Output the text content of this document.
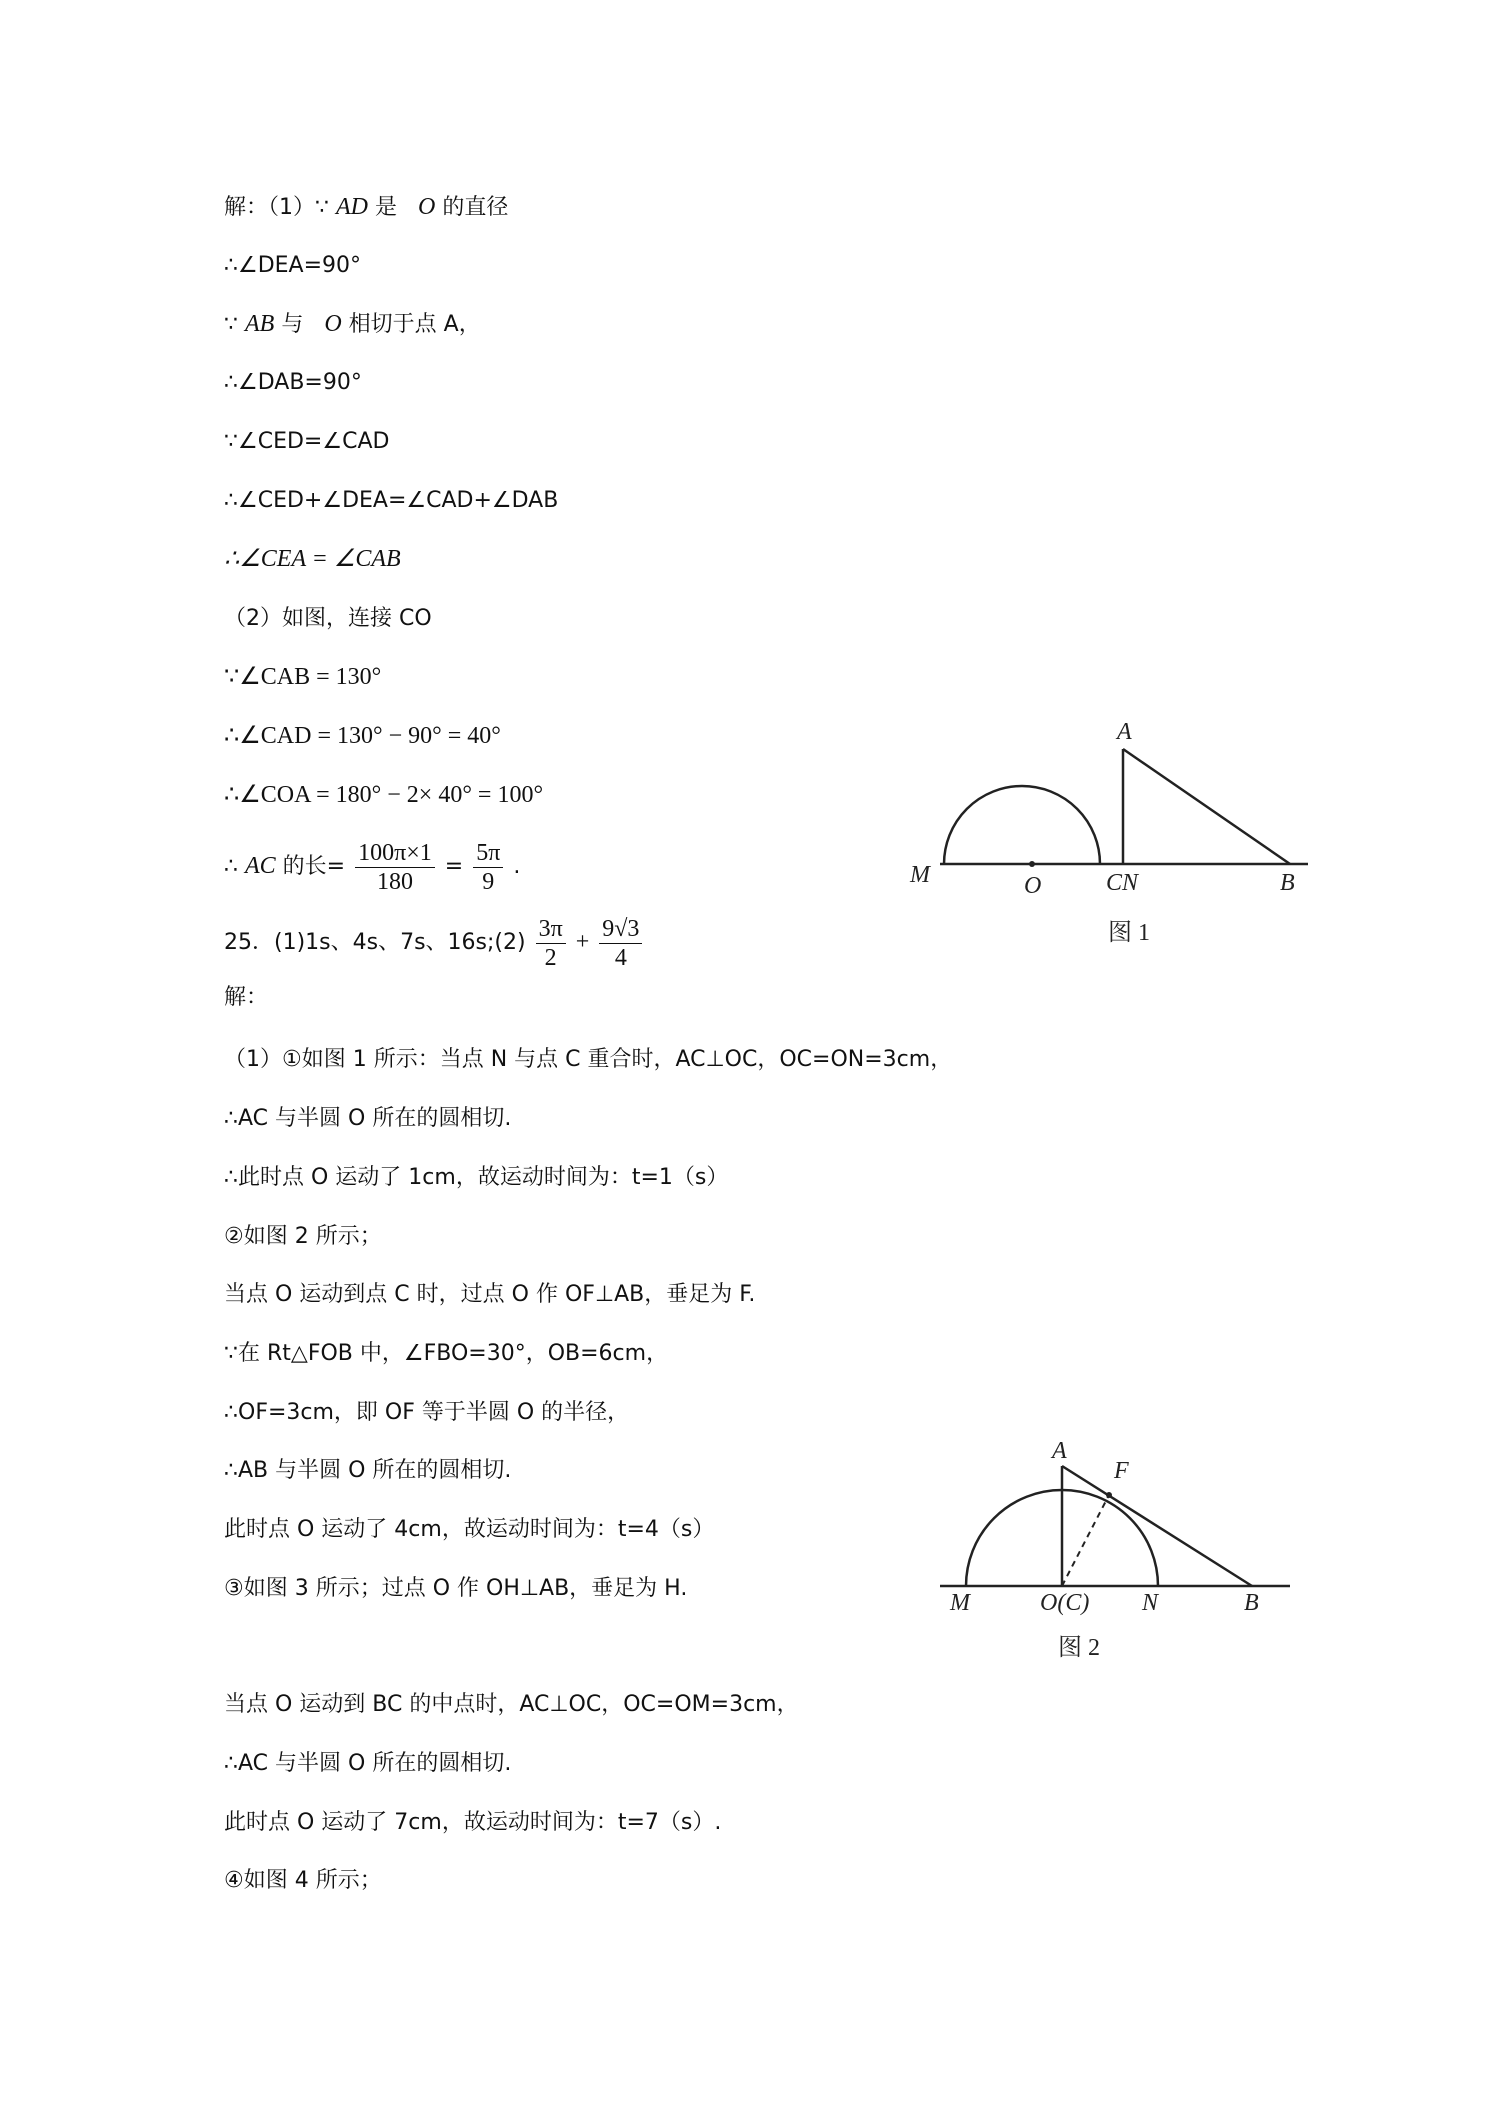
解：（1）∵ AD 是 O 的直径
∴∠DEA=90°
∵ AB 与 O 相切于点 A，
∴∠DAB=90°
∵∠CED=∠CAD
∴∠CED+∠DEA=∠CAD+∠DAB
∴∠CEA = ∠CAB
（2）如图，连接 CO
∵∠CAB = 130°
∴∠CAD = 130° − 90° = 40°
∴∠COA = 180° − 2× 40° = 100°
∴ AC 的长= $\frac{100\pi\times 1}{180} = \frac{5\pi}{9}$ .
25．(1)1s、4s、7s、16s;(2) $\frac{3\pi}{2} + \frac{9√3}{4}$
解：
（1）①如图 1 所示：当点 N 与点 C 重合时，AC⊥OC，OC=ON=3cm，
∴AC 与半圆 O 所在的圆相切.
∴此时点 O 运动了 1cm，故运动时间为：t=1（s）
②如图 2 所示；
当点 O 运动到点 C 时，过点 O 作 OF⊥AB，垂足为 F.
∵在 Rt△FOB 中，∠FBO=30°，OB=6cm，
∴OF=3cm，即 OF 等于半圆 O 的半径，
∴AB 与半圆 O 所在的圆相切.
此时点 O 运动了 4cm，故运动时间为：t=4（s）
③如图 3 所示；过点 O 作 OH⊥AB，垂足为 H.
当点 O 运动到 BC 的中点时，AC⊥OC，OC=OM=3cm，
∴AC 与半圆 O 所在的圆相切.
此时点 O 运动了 7cm，故运动时间为：t=7（s）.
④如图 4 所示；
A
M	O	CN	B
图 1
A
F
M	O(C) N	B
图 2
